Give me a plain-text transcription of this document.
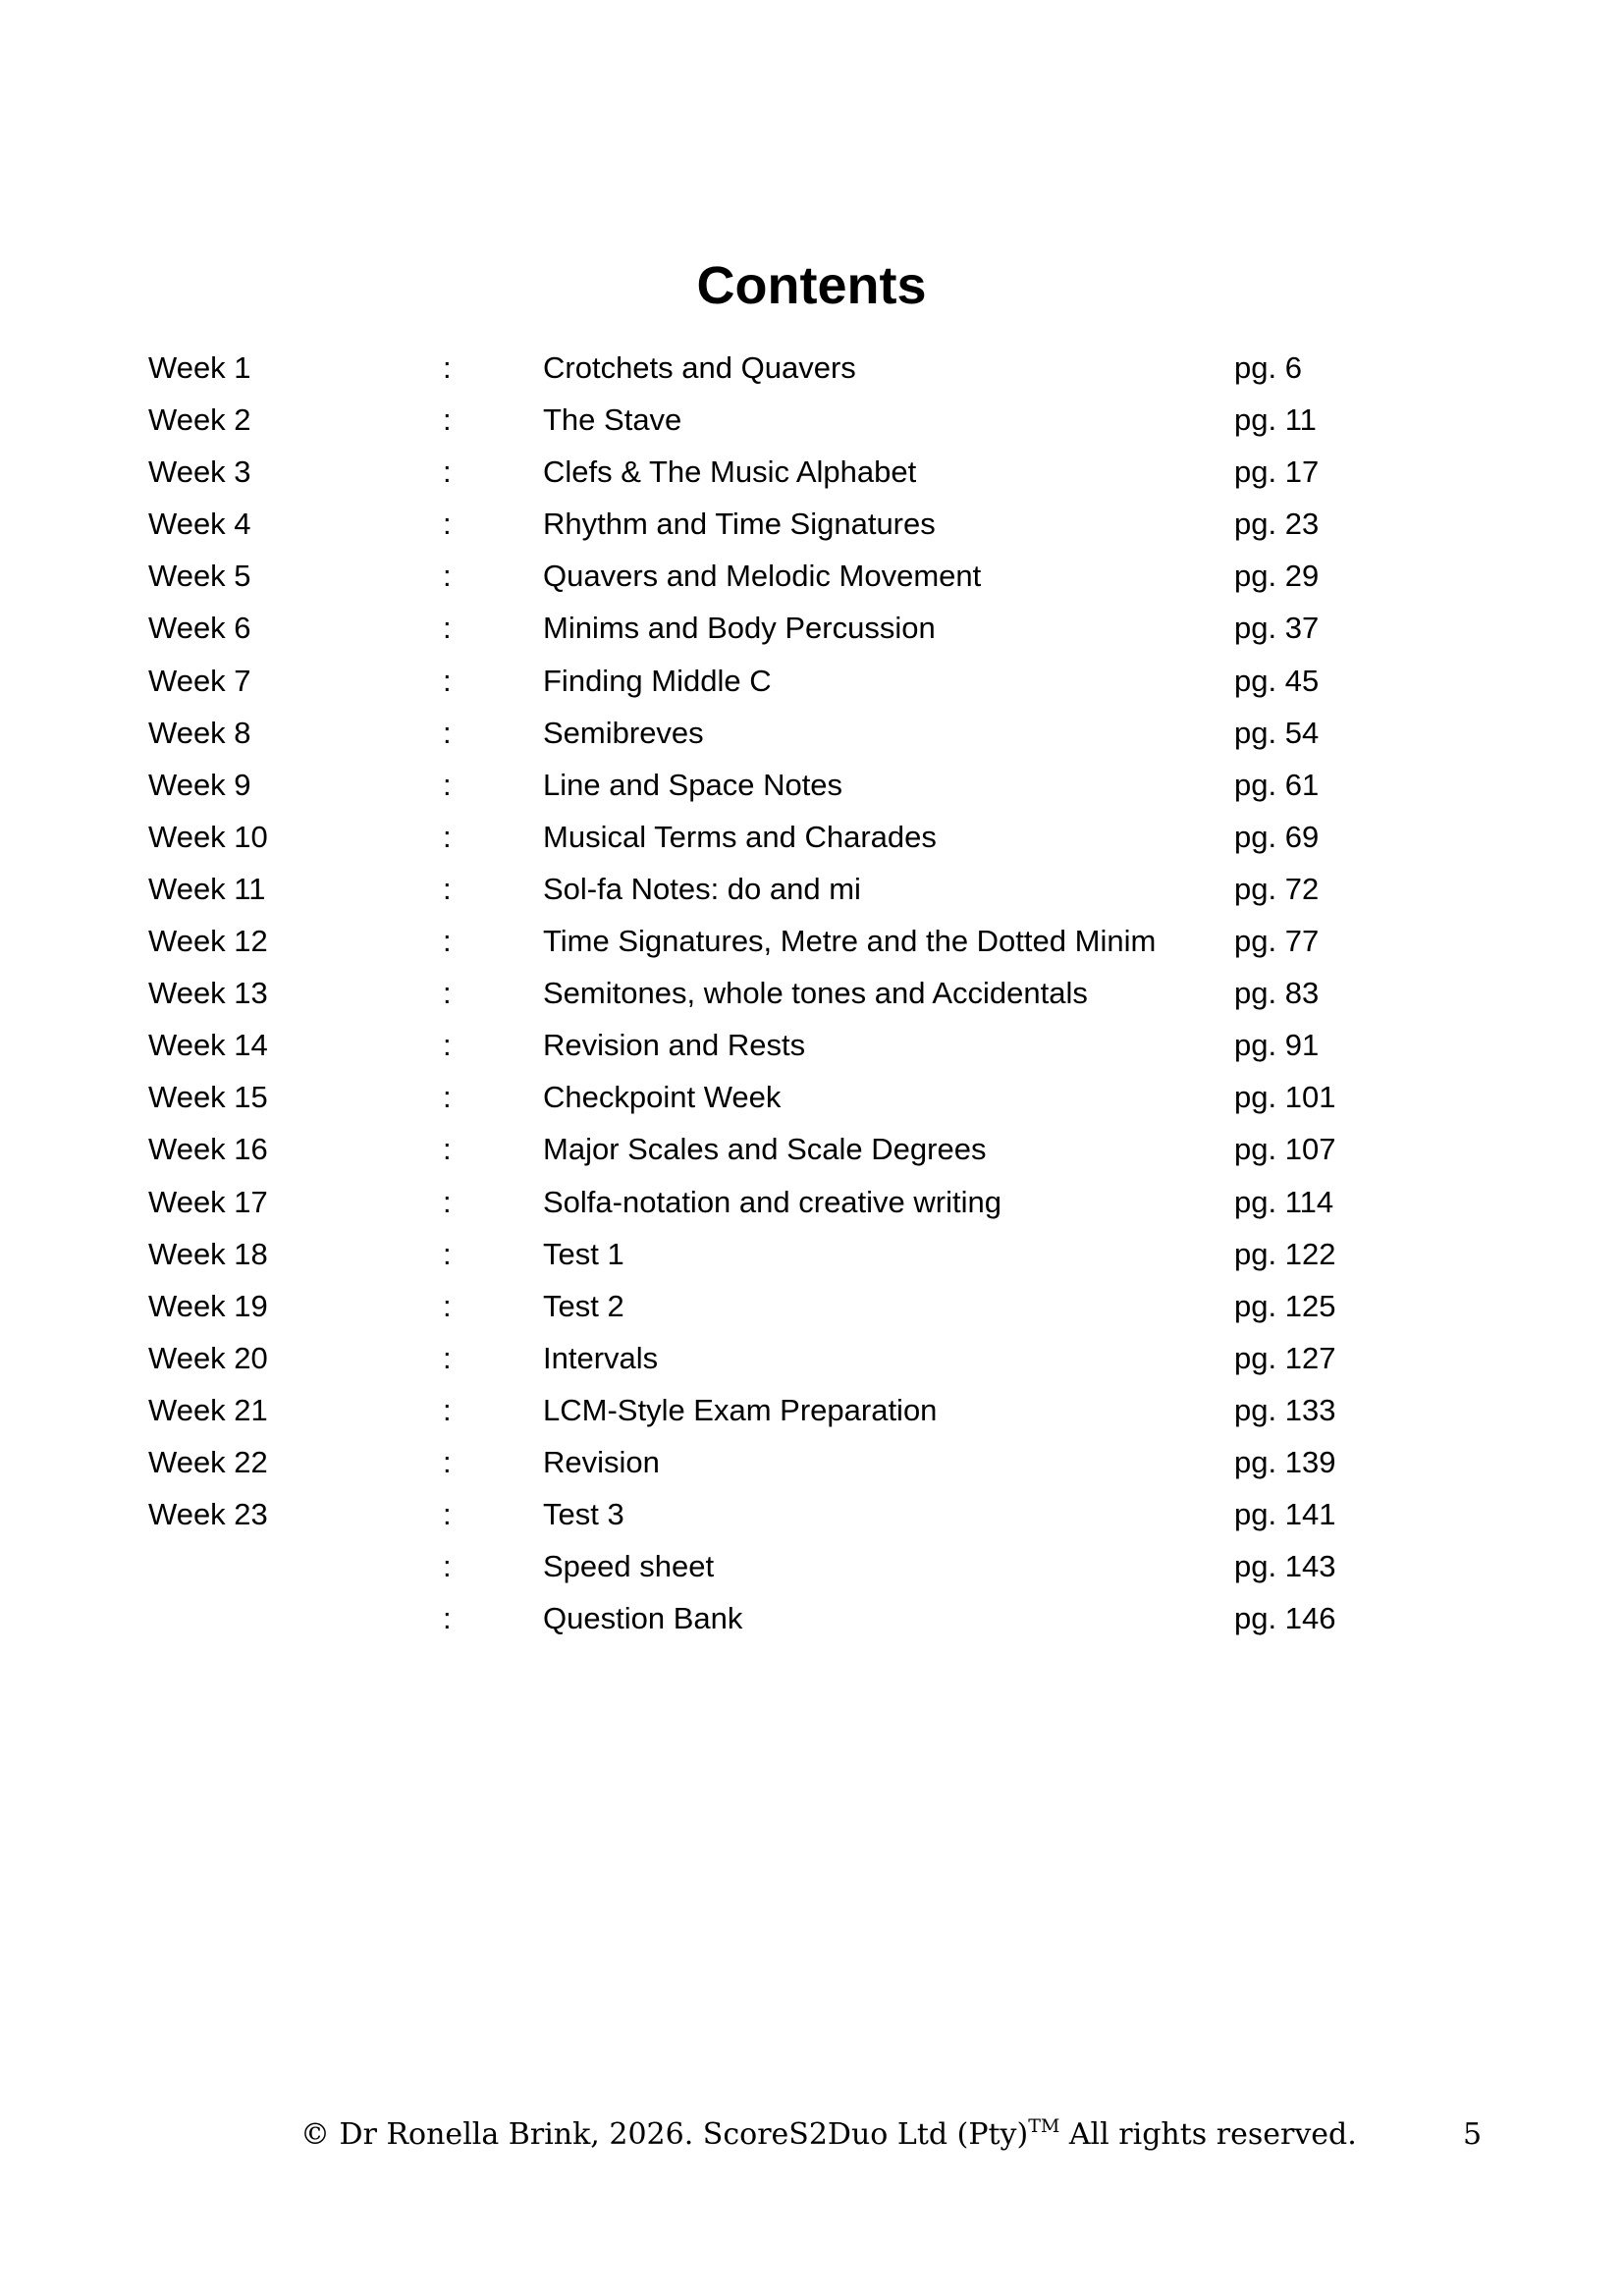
Contents
Week 1	:	Crotchets and Quavers	pg. 6
Week 2	:	The Stave	pg. 11
Week 3	:	Clefs & The Music Alphabet	pg. 17
Week 4	:	Rhythm and Time Signatures	pg. 23
Week 5	:	Quavers and Melodic Movement	pg. 29
Week 6	:	Minims and Body Percussion	pg. 37
Week 7	:	Finding Middle C	pg. 45
Week 8	:	Semibreves	pg. 54
Week 9	:	Line and Space Notes	pg. 61
Week 10	:	Musical Terms and Charades	pg. 69
Week 11	:	Sol-fa Notes: do and mi	pg. 72
Week 12	:	Time Signatures, Metre and the Dotted Minim	pg. 77
Week 13	:	Semitones, whole tones and Accidentals	pg. 83
Week 14	:	Revision and Rests	pg. 91
Week 15	:	Checkpoint Week	pg. 101
Week 16	:	Major Scales and Scale Degrees	pg. 107
Week 17	:	Solfa-notation and creative writing	pg. 114
Week 18	:	Test 1	pg. 122
Week 19	:	Test 2	pg. 125
Week 20	:	Intervals	pg. 127
Week 21	:	LCM-Style Exam Preparation	pg. 133
Week 22	:	Revision	pg. 139
Week 23	:	Test 3	pg. 141
:	Speed sheet	pg. 143
:	Question Bank	pg. 146
© Dr Ronella Brink, 2026. ScoreS2Duo Ltd (Pty)™ All rights reserved.	5
